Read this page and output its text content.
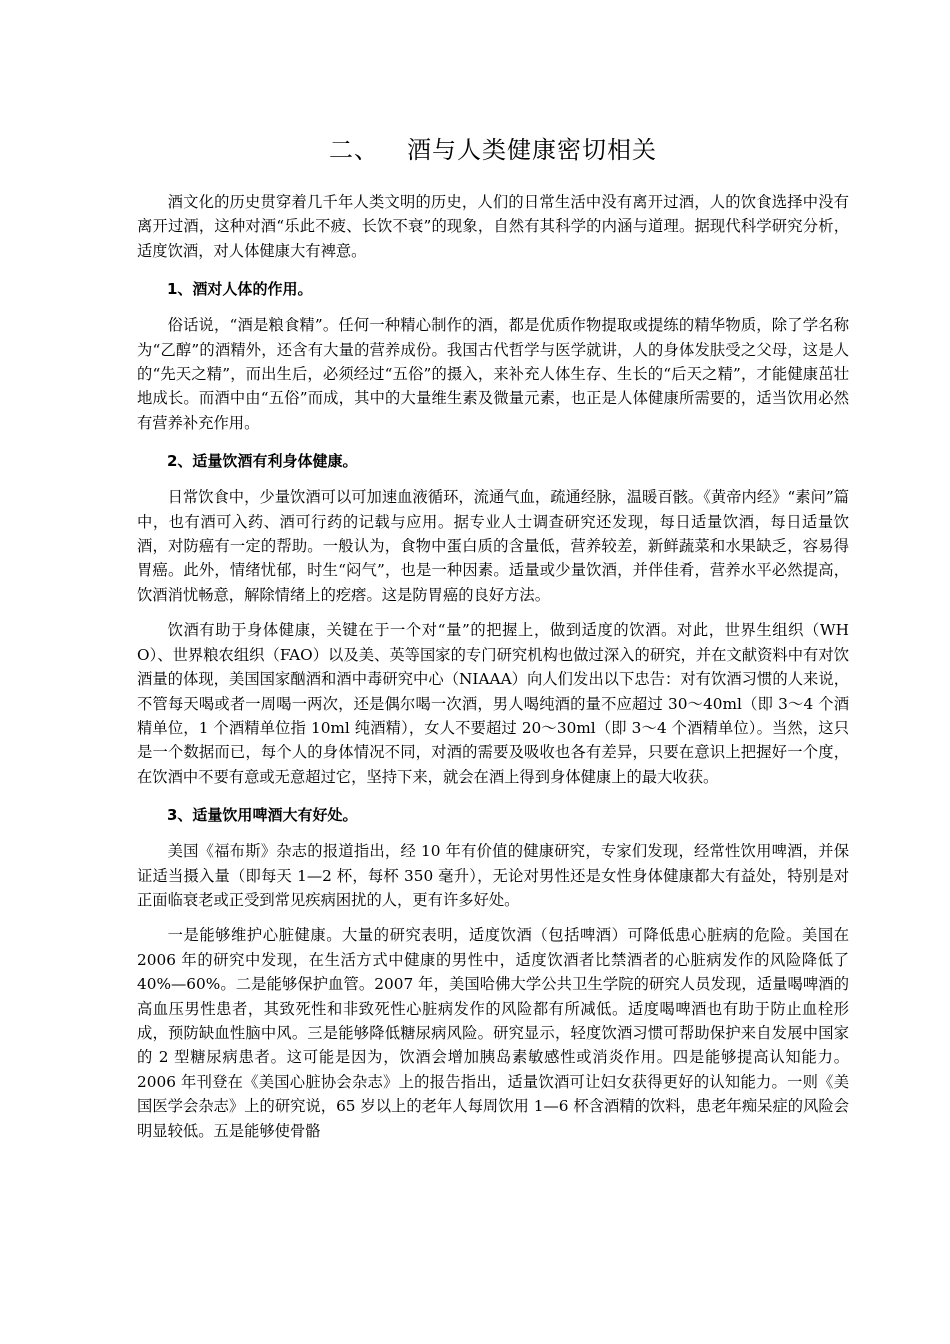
二、 酒与人类健康密切相关

酒文化的历史贯穿着几千年人类文明的历史，人们的日常生活中没有离开过酒，人的饮食选择中没有离开过酒，这种对酒“乐此不疲、长饮不衰”的现象，自然有其科学的内涵与道理。据现代科学研究分析，适度饮酒，对人体健康大有裨意。

1、酒对人体的作用。

俗话说，“酒是粮食精”。任何一种精心制作的酒，都是优质作物提取或提练的精华物质，除了学名称为“乙醇”的酒精外，还含有大量的营养成份。我国古代哲学与医学就讲，人的身体发肤受之父母，这是人的“先天之精”，而出生后，必须经过“五俗”的摄入，来补充人体生存、生长的“后天之精”，才能健康茁壮地成长。而酒中由“五俗”而成，其中的大量维生素及微量元素，也正是人体健康所需要的，适当饮用必然有营养补充作用。

2、适量饮酒有利身体健康。

日常饮食中，少量饮酒可以可加速血液循环，流通气血，疏通经脉，温暖百骸。《黄帝内经》“素问”篇中，也有酒可入药、酒可行药的记载与应用。据专业人士调查研究还发现，每日适量饮酒，每日适量饮酒，对防癌有一定的帮助。一般认为，食物中蛋白质的含量低，营养较差，新鲜蔬菜和水果缺乏，容易得胃癌。此外，情绪忧郁，时生“闷气”，也是一种因素。适量或少量饮酒，并伴佳肴，营养水平必然提高，饮酒消忧畅意，解除情绪上的疙瘩。这是防胃癌的良好方法。

饮酒有助于身体健康，关键在于一个对“量”的把握上，做到适度的饮酒。对此，世界生组织（WH O）、世界粮农组织（FAO）以及美、英等国家的专门研究机构也做过深入的研究，并在文献资料中有对饮酒量的体现，美国国家酗酒和酒中毒研究中心（NIAAA）向人们发出以下忠告：对有饮酒习惯的人来说，不管每天喝或者一周喝一两次，还是偶尔喝一次酒，男人喝纯酒的量不应超过 30～40ml（即 3～4 个酒精单位，1 个酒精单位指 10ml 纯酒精），女人不要超过 20～30ml（即 3～4 个酒精单位）。当然，这只是一个数据而已，每个人的身体情况不同，对酒的需要及吸收也各有差异，只要在意识上把握好一个度，在饮酒中不要有意或无意超过它，坚持下来，就会在酒上得到身体健康上的最大收获。

3、适量饮用啤酒大有好处。

美国《福布斯》杂志的报道指出，经 10 年有价值的健康研究，专家们发现，经常性饮用啤酒，并保证适当摄入量（即每天 1—2 杯，每杯 350 毫升），无论对男性还是女性身体健康都大有益处，特别是对正面临衰老或正受到常见疾病困扰的人，更有许多好处。

一是能够维护心脏健康。大量的研究表明，适度饮酒（包括啤酒）可降低患心脏病的危险。美国在 2006 年的研究中发现，在生活方式中健康的男性中，适度饮酒者比禁酒者的心脏病发作的风险降低了 40%—60%。二是能够保护血管。2007 年，美国哈佛大学公共卫生学院的研究人员发现，适量喝啤酒的高血压男性患者，其致死性和非致死性心脏病发作的风险都有所减低。适度喝啤酒也有助于防止血栓形成，预防缺血性脑中风。三是能够降低糖尿病风险。研究显示，轻度饮酒习惯可帮助保护来自发展中国家的 2 型糖尿病患者。这可能是因为，饮酒会增加胰岛素敏感性或消炎作用。四是能够提高认知能力。2006 年刊登在《美国心脏协会杂志》上的报告指出，适量饮酒可让妇女获得更好的认知能力。一则《美国医学会杂志》上的研究说，65 岁以上的老年人每周饮用 1—6 杯含酒精的饮料，患老年痴呆症的风险会明显较低。五是能够使骨骼
